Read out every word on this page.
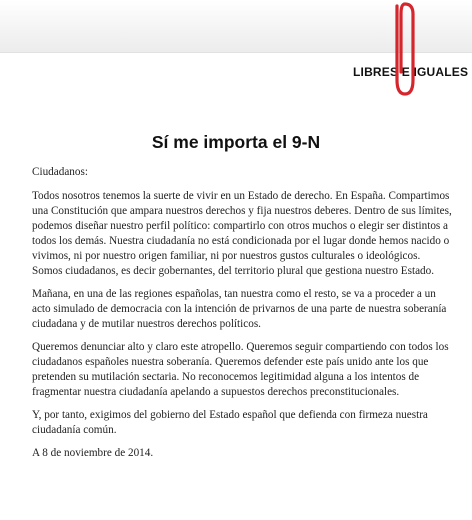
LIBRES E IGUALES
Sí me importa el 9-N

Ciudadanos:

Todos nosotros tenemos la suerte de vivir en un Estado de derecho. En España. Compartimos una Constitución que ampara nuestros derechos y fija nuestros deberes. Dentro de sus límites, podemos diseñar nuestro perfil político: compartirlo con otros muchos o elegir ser distintos a todos los demás. Nuestra ciudadanía no está condicionada por el lugar donde hemos nacido o vivimos, ni por nuestro origen familiar, ni por nuestros gustos culturales o ideológicos. Somos ciudadanos, es decir gobernantes, del territorio plural que gestiona nuestro Estado.

Mañana, en una de las regiones españolas, tan nuestra como el resto, se va a proceder a un acto simulado de democracia con la intención de privarnos de una parte de nuestra soberanía ciudadana y de mutilar nuestros derechos políticos.

Queremos denunciar alto y claro este atropello. Queremos seguir compartiendo con todos los ciudadanos españoles nuestra soberanía. Queremos defender este país unido ante los que pretenden su mutilación sectaria. No reconocemos legitimidad alguna a los intentos de fragmentar nuestra ciudadanía apelando a supuestos derechos preconstitucionales.

Y, por tanto, exigimos del gobierno del Estado español que defienda con firmeza nuestra ciudadanía común.

A 8 de noviembre de 2014.
